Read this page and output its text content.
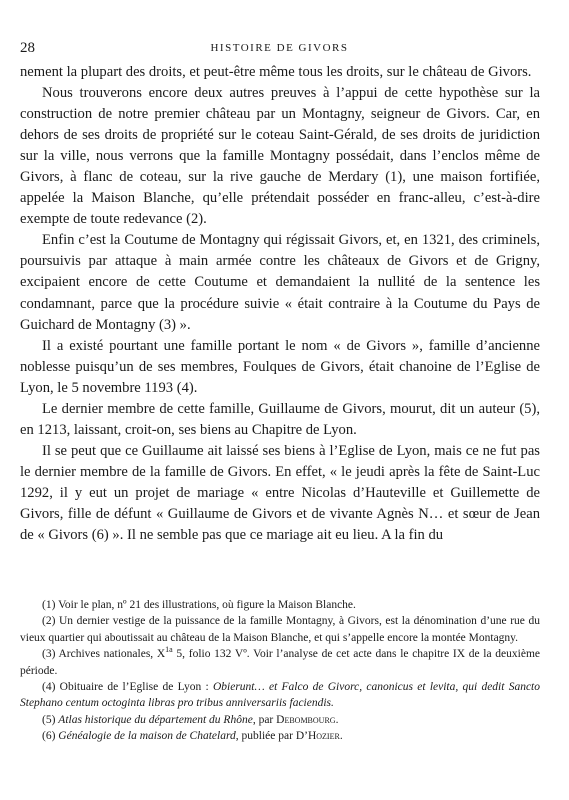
28	HISTOIRE DE GIVORS

nement la plupart des droits, et peut-être même tous les droits, sur le château de Givors.

Nous trouverons encore deux autres preuves à l’appui de cette hypothèse sur la construction de notre premier château par un Montagny, seigneur de Givors. Car, en dehors de ses droits de propriété sur le coteau Saint-Gérald, de ses droits de juridiction sur la ville, nous verrons que la famille Montagny possédait, dans l’enclos même de Givors, à flanc de coteau, sur la rive gauche de Merdary (1), une maison fortifiée, appelée la Maison Blanche, qu’elle prétendait posséder en franc-alleu, c’est-à-dire exempte de toute redevance (2).

Enfin c’est la Coutume de Montagny qui régissait Givors, et, en 1321, des criminels, poursuivis par attaque à main armée contre les châteaux de Givors et de Grigny, excipaient encore de cette Coutume et demandaient la nullité de la sentence les condamnant, parce que la procédure suivie « était contraire à la Coutume du Pays de Guichard de Montagny (3) ».

Il a existé pourtant une famille portant le nom « de Givors », famille d’ancienne noblesse puisqu’un de ses membres, Foulques de Givors, était chanoine de l’Eglise de Lyon, le 5 novembre 1193 (4).

Le dernier membre de cette famille, Guillaume de Givors, mourut, dit un auteur (5), en 1213, laissant, croit-on, ses biens au Chapitre de Lyon.

Il se peut que ce Guillaume ait laissé ses biens à l’Eglise de Lyon, mais ce ne fut pas le dernier membre de la famille de Givors. En effet, « le jeudi après la fête de Saint-Luc 1292, il y eut un projet de mariage « entre Nicolas d’Hauteville et Guillemette de Givors, fille de défunt « Guillaume de Givors et de vivante Agnès N… et sœur de Jean de « Givors (6) ». Il ne semble pas que ce mariage ait eu lieu. A la fin du

(1) Voir le plan, nº 21 des illustrations, où figure la Maison Blanche.

(2) Un dernier vestige de la puissance de la famille Montagny, à Givors, est la dénomination d’une rue du vieux quartier qui aboutissait au château de la Maison Blanche, et qui s’appelle encore la montée Montagny.

(3) Archives nationales, $X^{1a}$ 5, folio 132 Vº. Voir l’analyse de cet acte dans le chapitre IX de la deuxième période.

(4) Obituaire de l’Eglise de Lyon : Obierunt… et Falco de Givorc, canonicus et levita, qui dedit Sancto Stephano centum octoginta libras pro tribus anniversariis faciendis.

(5) Atlas historique du département du Rhône, par Debombourg.

(6) Généalogie de la maison de Chatelard, publiée par D’Hozier.
